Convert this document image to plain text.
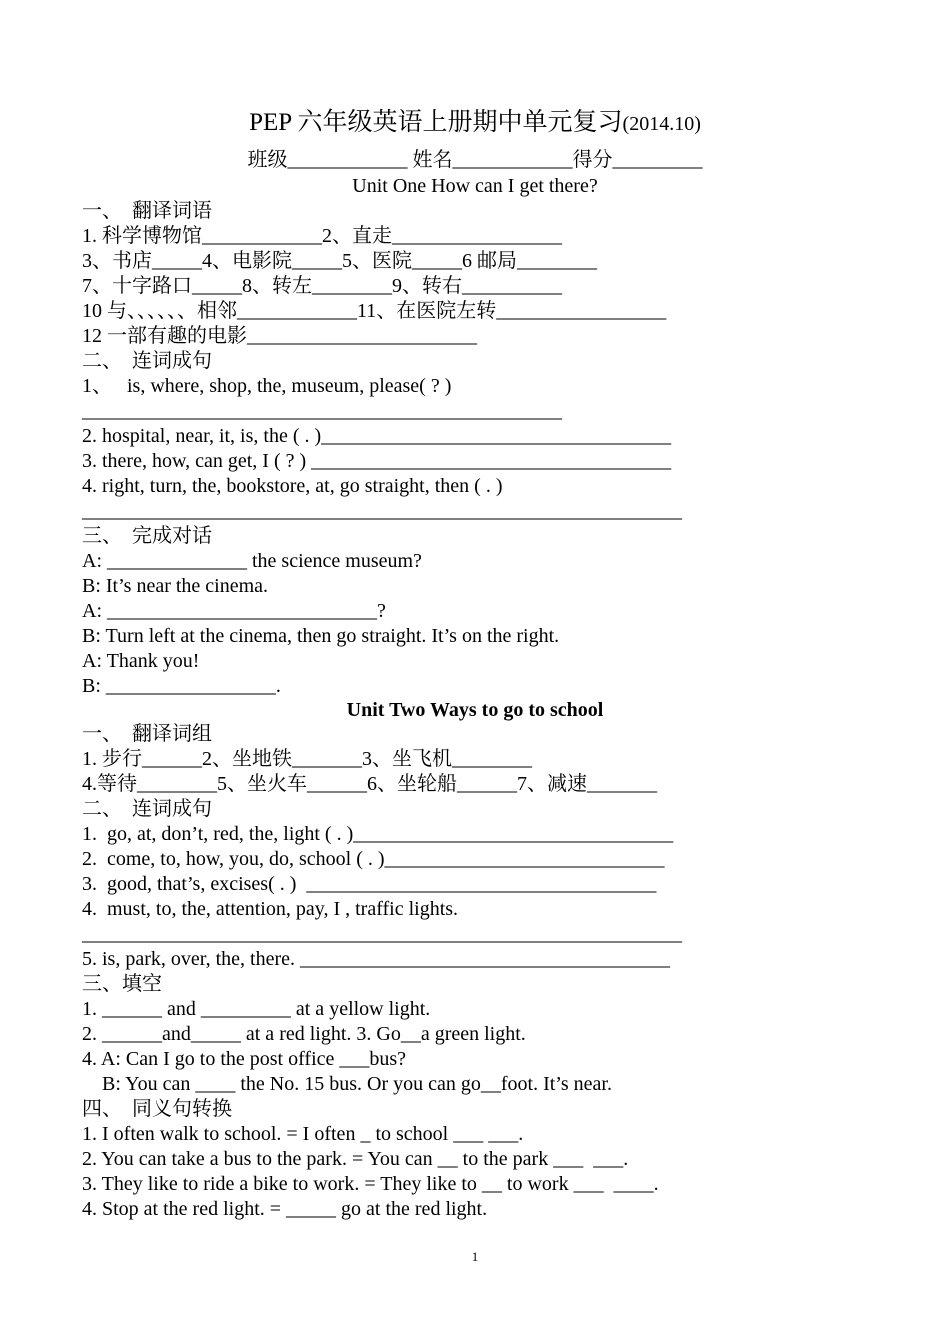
PEP 六年级英语上册期中单元复习(2014.10)
班级____________ 姓名____________得分_________
Unit One How can I get there?
一、  翻译词语
1. 科学博物馆____________2、直走_________________
3、书店_____4、电影院_____5、医院_____6 邮局________
7、十字路口_____8、转左________9、转右__________
10 与、、、、、、相邻____________11、在医院左转_________________
12 一部有趣的电影_______________________
二、  连词成句
1、   is, where, shop, the, museum, please( ? )
________________________________________________
2. hospital, near, it, is, the ( . )___________________________________
3. there, how, can get, I ( ? ) ____________________________________
4. right, turn, the, bookstore, at, go straight, then ( . )
____________________________________________________________
三、  完成对话
A: ______________ the science museum?
B: It’s near the cinema.
A: ___________________________?
B: Turn left at the cinema, then go straight. It’s on the right.
A: Thank you!
B: _________________.
Unit Two Ways to go to school
一、  翻译词组
1. 步行______2、坐地铁_______3、坐飞机________
4.等待________5、坐火车______6、坐轮船______7、减速_______
二、  连词成句
1.  go, at, don’t, red, the, light ( . )________________________________
2.  come, to, how, you, do, school ( . )____________________________
3.  good, that’s, excises( . )  ___________________________________
4.  must, to, the, attention, pay, I , traffic lights.
____________________________________________________________
5. is, park, over, the, there. _____________________________________
三、填空
1. ______ and _________ at a yellow light.
2. ______and_____ at a red light. 3. Go__a green light.
4. A: Can I go to the post office ___bus?
B: You can ____ the No. 15 bus. Or you can go__foot. It’s near.
四、  同义句转换
1. I often walk to school. = I often _ to school ___ ___.
2. You can take a bus to the park. = You can __ to the park ___  ___.
3. They like to ride a bike to work. = They like to __ to work ___  ____.
4. Stop at the red light. = _____ go at the red light.
1
